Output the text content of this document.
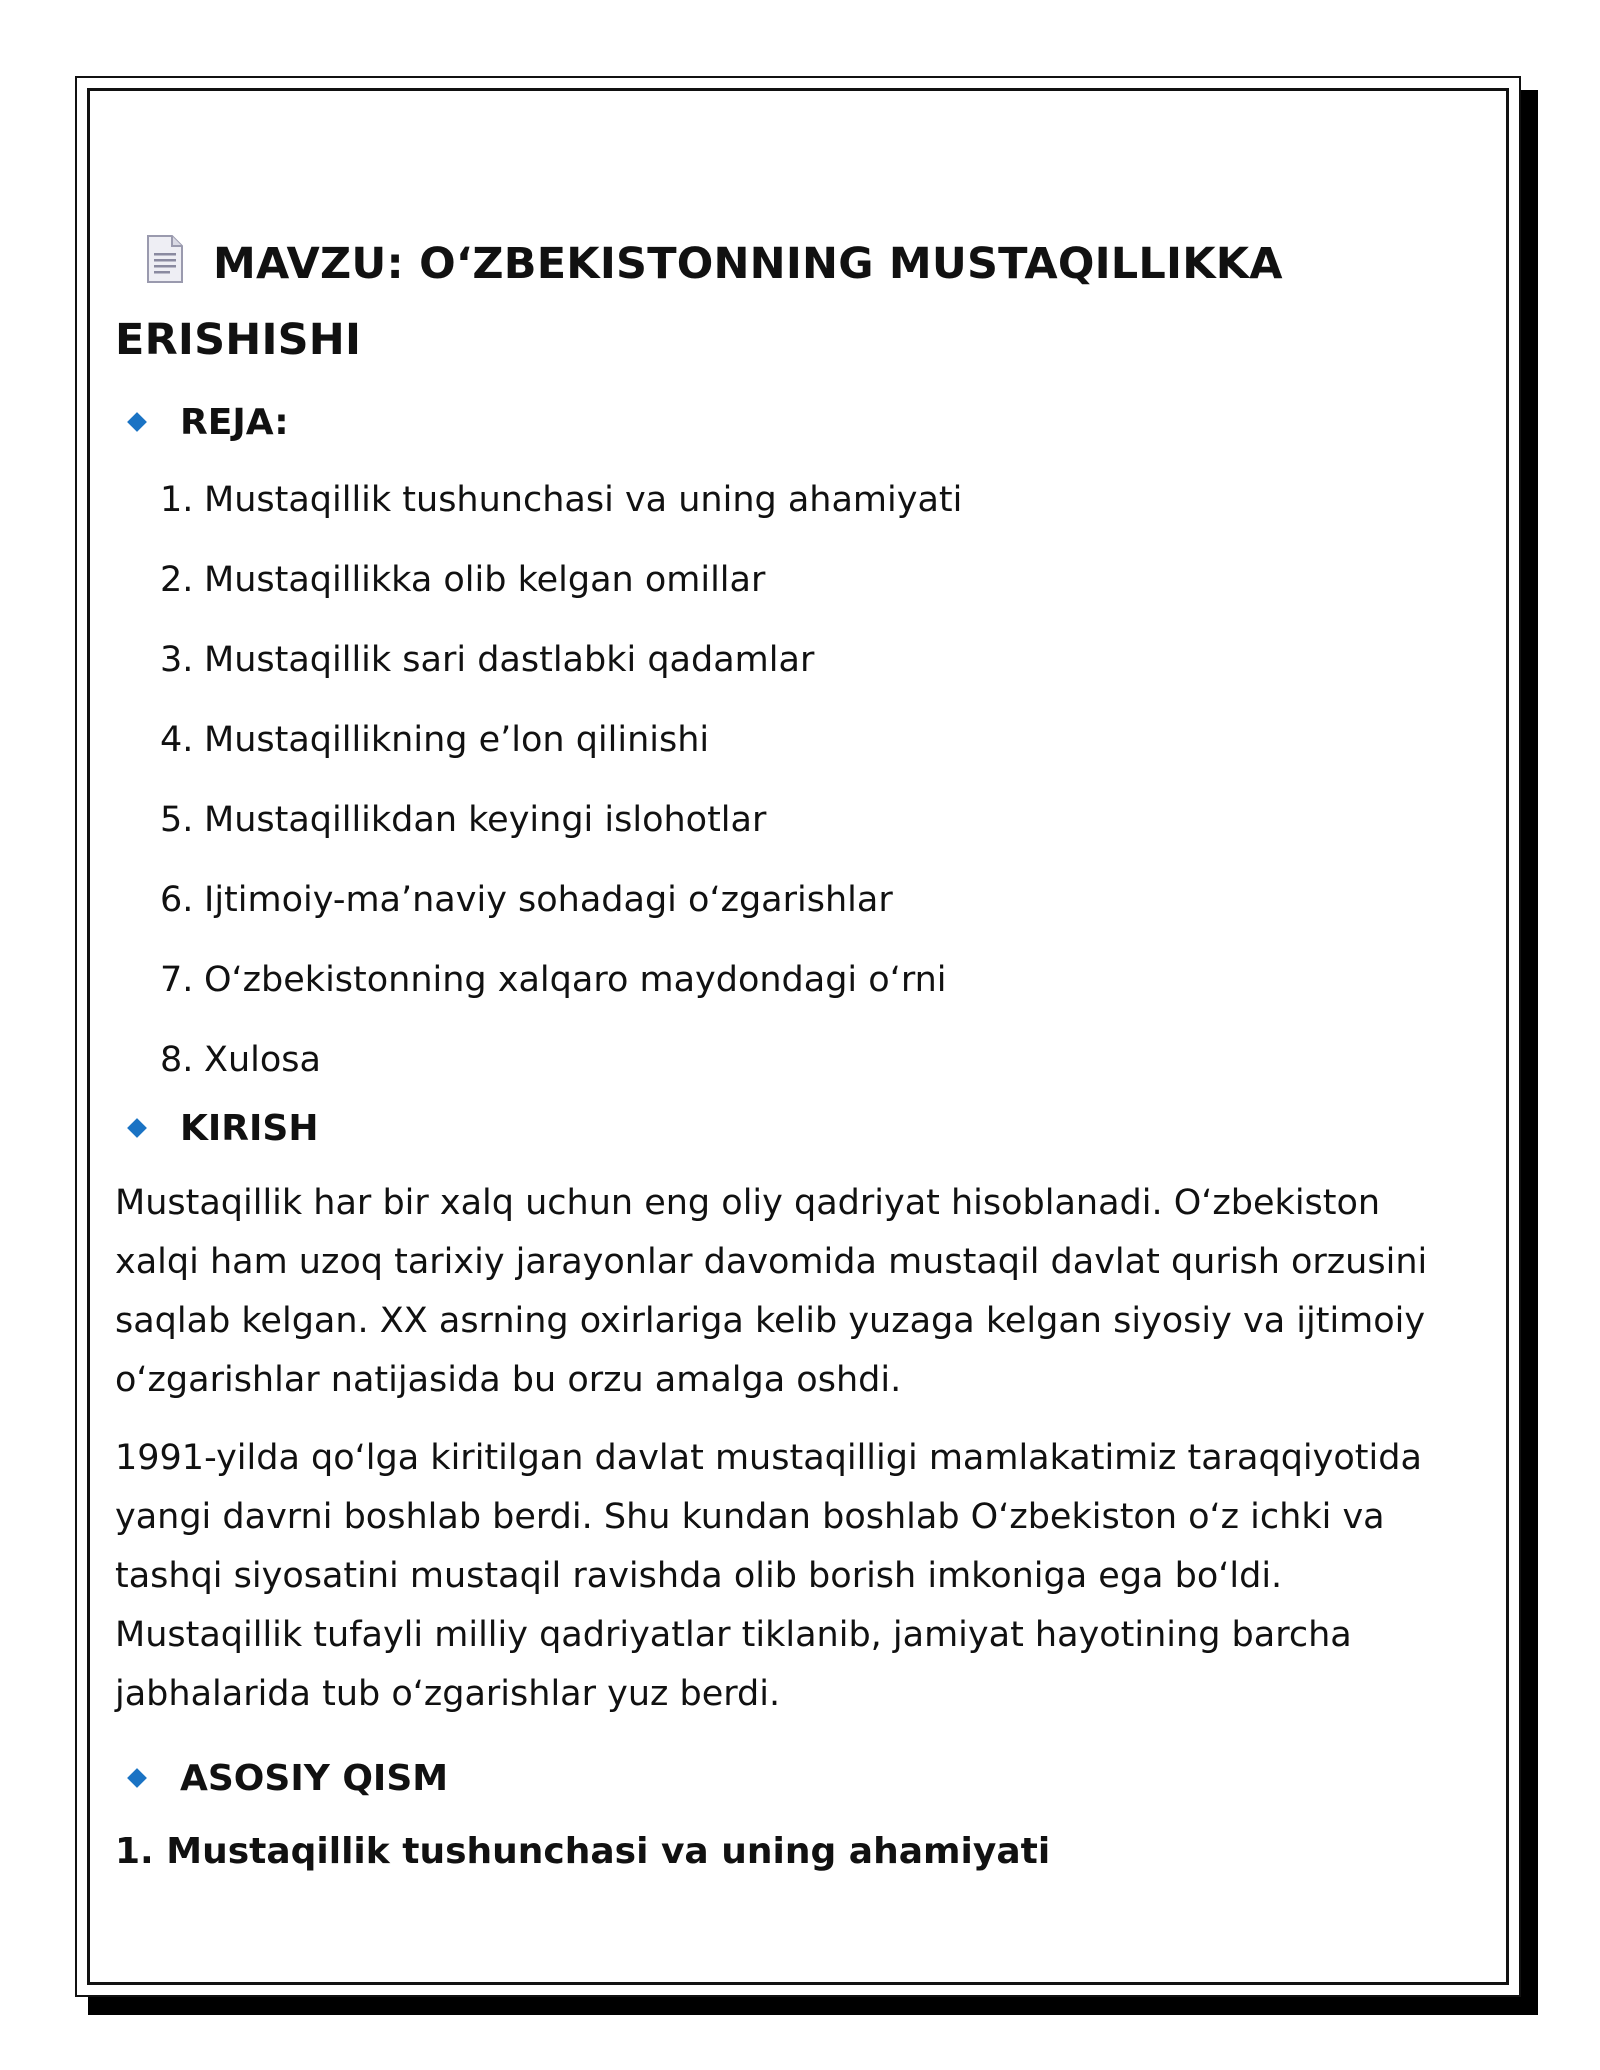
MAVZU: O‘ZBEKISTONNING MUSTAQILLIKKA
ERISHISHI
REJA:
1. Mustaqillik tushunchasi va uning ahamiyati
2. Mustaqillikka olib kelgan omillar
3. Mustaqillik sari dastlabki qadamlar
4. Mustaqillikning e’lon qilinishi
5. Mustaqillikdan keyingi islohotlar
6. Ijtimoiy-ma’naviy sohadagi o‘zgarishlar
7. O‘zbekistonning xalqaro maydondagi o‘rni
8. Xulosa
KIRISH

Mustaqillik har bir xalq uchun eng oliy qadriyat hisoblanadi. O‘zbekiston xalqi ham uzoq tarixiy jarayonlar davomida mustaqil davlat qurish orzusini saqlab kelgan. XX asrning oxirlariga kelib yuzaga kelgan siyosiy va ijtimoiy o‘zgarishlar natijasida bu orzu amalga oshdi.

1991-yilda qo‘lga kiritilgan davlat mustaqilligi mamlakatimiz taraqqiyotida yangi davrni boshlab berdi. Shu kundan boshlab O‘zbekiston o‘z ichki va tashqi siyosatini mustaqil ravishda olib borish imkoniga ega bo‘ldi. Mustaqillik tufayli milliy qadriyatlar tiklanib, jamiyat hayotining barcha jabhalarida tub o‘zgarishlar yuz berdi.

ASOSIY QISM
1. Mustaqillik tushunchasi va uning ahamiyati
